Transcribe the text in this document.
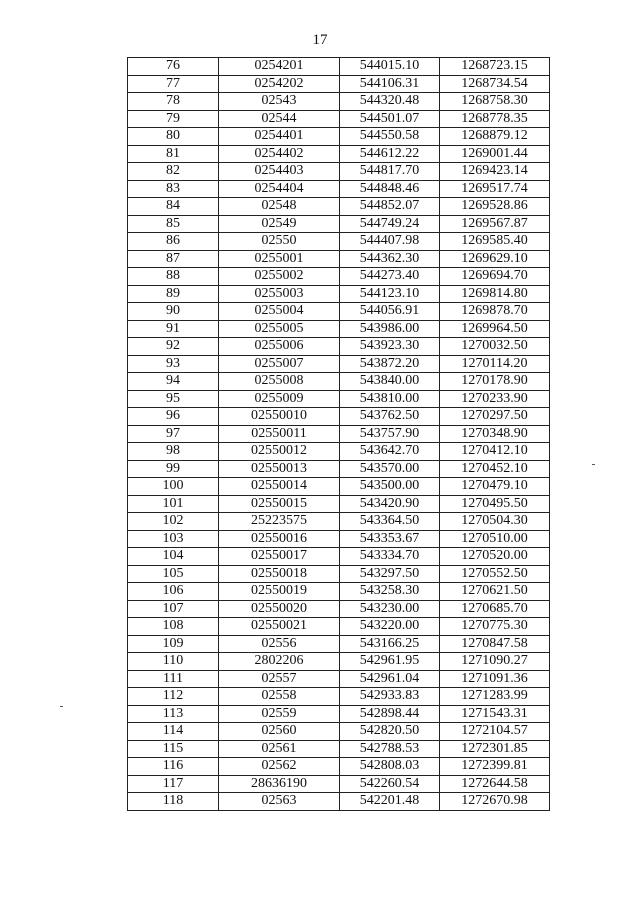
17
76	0254201	544015.10	1268723.15
77	0254202	544106.31	1268734.54
78	02543	544320.48	1268758.30
79	02544	544501.07	1268778.35
80	0254401	544550.58	1268879.12
81	0254402	544612.22	1269001.44
82	0254403	544817.70	1269423.14
83	0254404	544848.46	1269517.74
84	02548	544852.07	1269528.86
85	02549	544749.24	1269567.87
86	02550	544407.98	1269585.40
87	0255001	544362.30	1269629.10
88	0255002	544273.40	1269694.70
89	0255003	544123.10	1269814.80
90	0255004	544056.91	1269878.70
91	0255005	543986.00	1269964.50
92	0255006	543923.30	1270032.50
93	0255007	543872.20	1270114.20
94	0255008	543840.00	1270178.90
95	0255009	543810.00	1270233.90
96	02550010	543762.50	1270297.50
97	02550011	543757.90	1270348.90
98	02550012	543642.70	1270412.10
99	02550013	543570.00	1270452.10
100	02550014	543500.00	1270479.10
101	02550015	543420.90	1270495.50
102	25223575	543364.50	1270504.30
103	02550016	543353.67	1270510.00
104	02550017	543334.70	1270520.00
105	02550018	543297.50	1270552.50
106	02550019	543258.30	1270621.50
107	02550020	543230.00	1270685.70
108	02550021	543220.00	1270775.30
109	02556	543166.25	1270847.58
110	2802206	542961.95	1271090.27
111	02557	542961.04	1271091.36
112	02558	542933.83	1271283.99
113	02559	542898.44	1271543.31
114	02560	542820.50	1272104.57
115	02561	542788.53	1272301.85
116	02562	542808.03	1272399.81
117	28636190	542260.54	1272644.58
118	02563	542201.48	1272670.98
